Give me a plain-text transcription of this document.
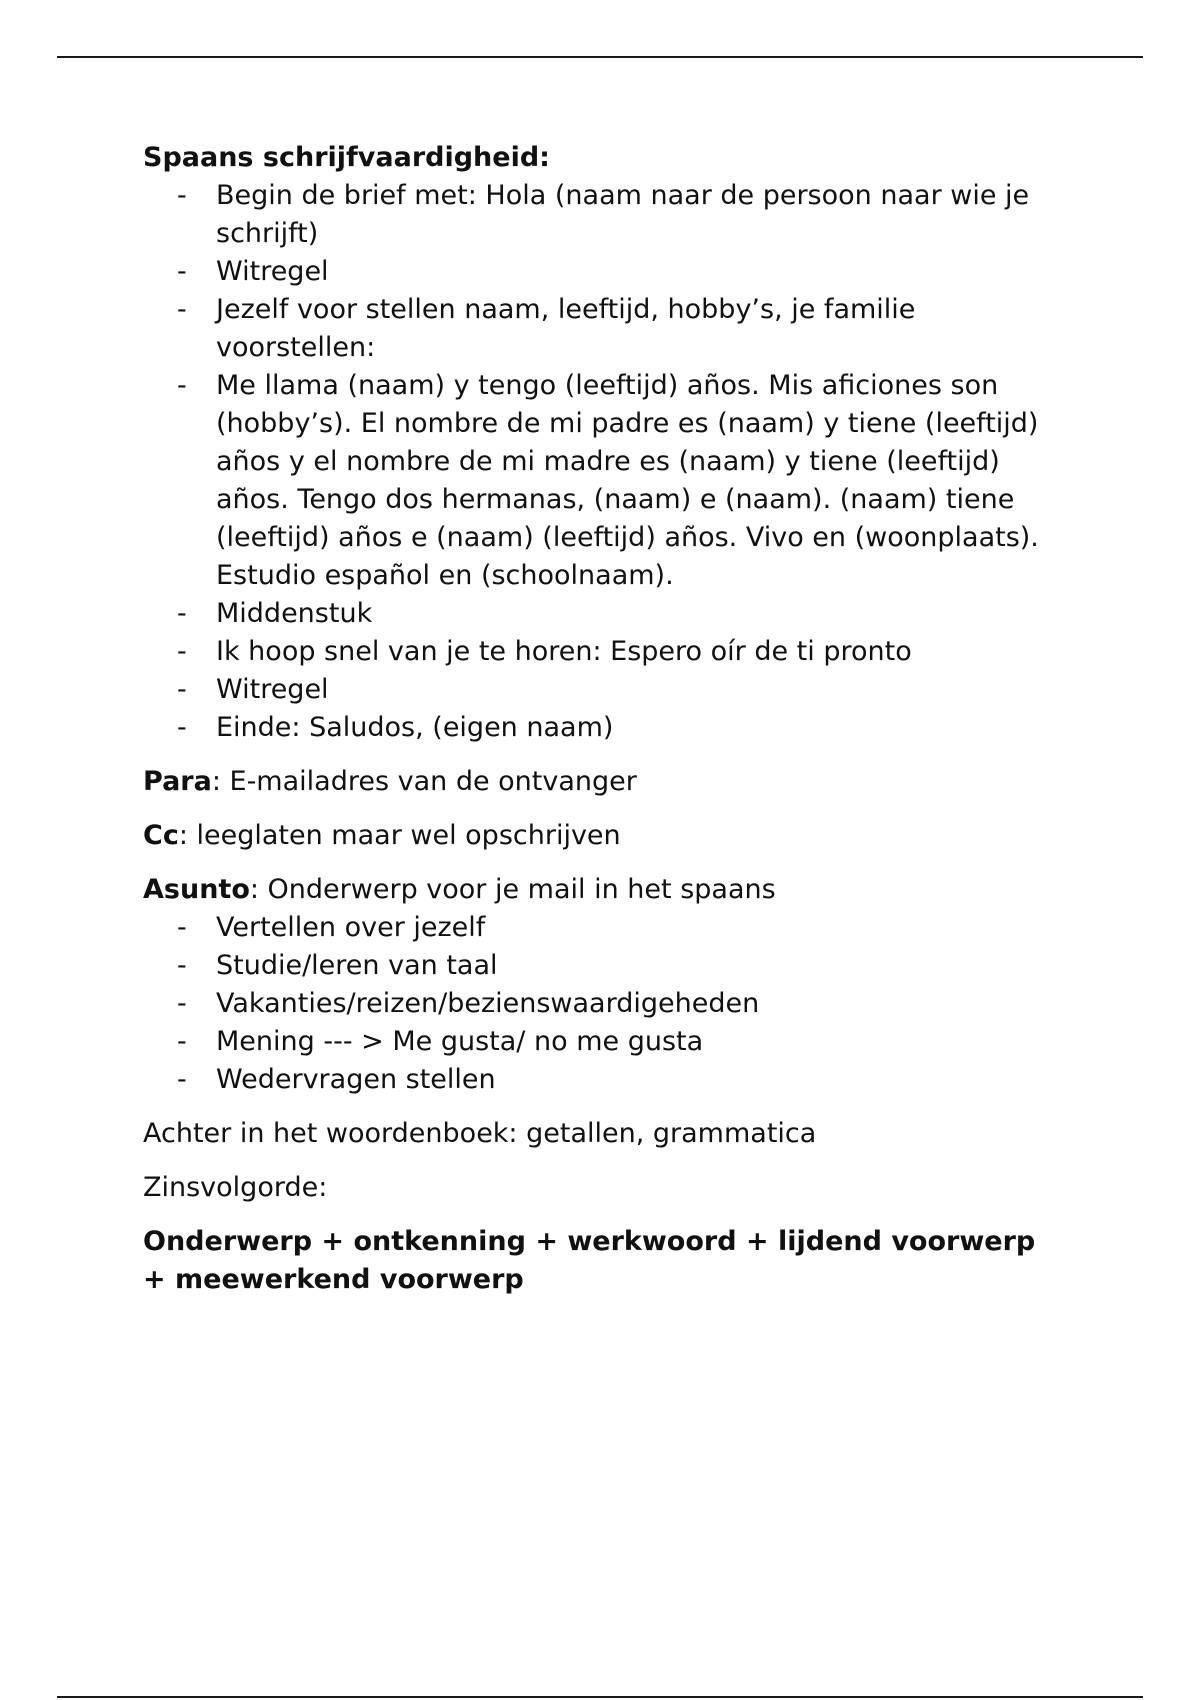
Spaans schrijfvaardigheid:

- Begin de brief met: Hola (naam naar de persoon naar wie je schrijft)
- Witregel
- Jezelf voor stellen naam, leeftijd, hobby’s, je familie voorstellen:
- Me llama (naam) y tengo (leeftijd) años. Mis aficiones son (hobby’s). El nombre de mi padre es (naam) y tiene (leeftijd) años y el nombre de mi madre es (naam) y tiene (leeftijd) años. Tengo dos hermanas, (naam) e (naam). (naam) tiene (leeftijd) años e (naam) (leeftijd) años. Vivo en (woonplaats). Estudio español en (schoolnaam).
- Middenstuk
- Ik hoop snel van je te horen: Espero oír de ti pronto
- Witregel
- Einde: Saludos, (eigen naam)

Para: E-mailadres van de ontvanger

Cc: leeglaten maar wel opschrijven

Asunto: Onderwerp voor je mail in het spaans

- Vertellen over jezelf
- Studie/leren van taal
- Vakanties/reizen/bezienswaardigeheden
- Mening --- > Me gusta/ no me gusta
- Wedervragen stellen

Achter in het woordenboek: getallen, grammatica

Zinsvolgorde:

Onderwerp + ontkenning + werkwoord + lijdend voorwerp + meewerkend voorwerp
